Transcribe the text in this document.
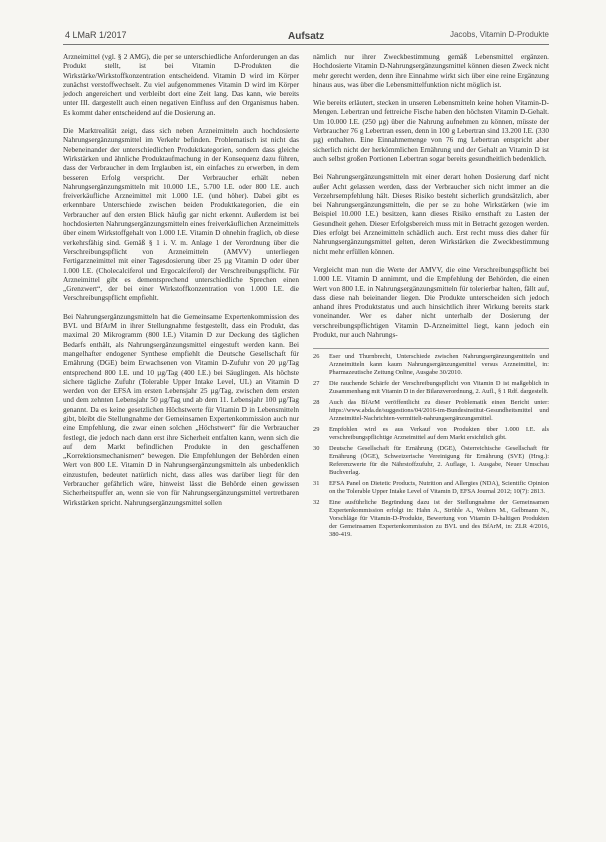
4 LMaR 1/2017	Aufsatz	Jacobs, Vitamin D-Produkte

Arzneimittel (vgl. § 2 AMG), die per se unterschiedliche Anforderungen an das Produkt stellt, ist bei Vitamin D-Produkten die Wirkstärke/Wirkstoffkonzentration entscheidend. Vitamin D wird im Körper zunächst verstoffwechselt. Zu viel aufgenommenes Vitamin D wird im Körper jedoch angereichert und verbleibt dort eine Zeit lang. Das kann, wie bereits unter III. dargestellt auch einen negativen Einfluss auf den Organismus haben. Es kommt daher entscheidend auf die Dosierung an.

Die Marktrealität zeigt, dass sich neben Arzneimitteln auch hochdosierte Nahrungsergänzungsmittel im Verkehr befinden. Problematisch ist nicht das Nebeneinander der unterschiedlichen Produktkategorien, sondern dass gleiche Wirkstärken und ähnliche Produktaufmachung in der Konsequenz dazu führen, dass der Verbraucher in dem Irrglauben ist, ein einfaches zu erwerben, in dem besseren Erfolg verspricht. Der Verbraucher erhält neben Nahrungsergänzungsmitteln mit 10.000 I.E., 5.700 I.E. oder 800 I.E. auch freiverkäufliche Arzneimittel mit 1.000 I.E. (und höher). Dabei gibt es erkennbare Unterschiede zwischen beiden Produktkategorien, die ein Verbraucher auf den ersten Blick häufig gar nicht erkennt. Außerdem ist bei hochdosierten Nahrungsergänzungsmitteln eines freiverkäuflichen Arzneimittels über einem Wirkstoffgehalt von 1.000 I.E. Vitamin D ohnehin fraglich, ob diese verkehrsfähig sind. Gemäß § 1 i. V. m. Anlage 1 der Verordnung über die Verschreibungspflicht von Arzneimitteln (AMVV) unterliegen Fertigarzneimittel mit einer Tagesdosierung über 25 µg Vitamin D oder über 1.000 I.E. (Cholecalciferol und Ergocalciferol) der Verschreibungspflicht. Für Arzneimittel gibt es dementsprechend unterschiedliche Sprechen einen „Grenzwert“, der bei einer Wirkstoffkonzentration von 1.000 I.E. die Verschreibungspflicht empfiehlt.

Bei Nahrungsergänzungsmitteln hat die Gemeinsame Expertenkommission des BVL und BfArM in ihrer Stellungnahme festgestellt, dass ein Produkt, das maximal 20 Mikrogramm (800 I.E.) Vitamin D zur Deckung des täglichen Bedarfs enthält, als Nahrungsergänzungsmittel eingestuft werden kann. Bei mangelhafter endogener Synthese empfiehlt die Deutsche Gesellschaft für Ernährung (DGE) beim Erwachsenen von Vitamin D-Zufuhr von 20 µg/Tag entsprechend 800 I.E. und 10 µg/Tag (400 I.E.) bei Säuglingen. Als höchste sichere tägliche Zufuhr (Tolerable Upper Intake Level, UL) an Vitamin D werden von der EFSA im ersten Lebensjahr 25 µg/Tag, zwischen dem ersten und dem zehnten Lebensjahr 50 µg/Tag und ab dem 11. Lebensjahr 100 µg/Tag genannt. Da es keine gesetzlichen Höchstwerte für Vitamin D in Lebensmitteln gibt, bleibt die Stellungnahme der Gemeinsamen Expertenkommission auch nur eine Empfehlung, die zwar einen solchen „Höchstwert“ für die Verbraucher festlegt, die jedoch nach dann erst ihre Sicherheit entfalten kann, wenn sich die auf dem Markt befindlichen Produkte in den geschaffenen „Korrektionsmechanismen“ bewegen. Die Empfehlungen der Behörden einen Wert von 800 I.E. Vitamin D in Nahrungsergänzungsmitteln als unbedenklich einzustufen, bedeutet natürlich nicht, dass alles was darüber liegt für den Verbraucher gefährlich wäre, hinweist lässt die Behörde einen gewissen Sicherheitspuffer an, wenn sie von für Nahrungsergänzungsmittel vertretbaren Wirkstärken spricht. Nahrungsergänzungsmittel sollen

nämlich nur ihrer Zweckbestimmung gemäß Lebensmittel ergänzen. Hochdosierte Vitamin D-Nahrungsergänzungsmittel können diesen Zweck nicht mehr gerecht werden, denn ihre Einnahme wirkt sich über eine reine Ergänzung hinaus aus, was über die Lebensmittelfunktion nicht möglich ist.

Wie bereits erläutert, stecken in unseren Lebensmitteln keine hohen Vitamin-D-Mengen. Lebertran und fettreiche Fische haben den höchsten Vitamin D-Gehalt. Um 10.000 I.E. (250 µg) über die Nahrung aufnehmen zu können, müsste der Verbraucher 76 g Lebertran essen, denn in 100 g Lebertran sind 13.200 I.E. (330 µg) enthalten. Eine Einnahmemenge von 76 mg Lebertran entspricht aber sicherlich nicht der herkömmlichen Ernährung und der Gehalt an Vitamin D ist auch selbst großen Portionen Lebertran sogar bereits gesundheitlich bedenklich.

Bei Nahrungsergänzungsmitteln mit einer derart hohen Dosierung darf nicht außer Acht gelassen werden, dass der Verbraucher sich nicht immer an die Verzehrsempfehlung hält. Dieses Risiko besteht sicherlich grundsätzlich, aber bei Nahrungsergänzungsmitteln, die per se zu hohe Wirkstärken (wie im Beispiel 10.000 I.E.) besitzen, kann dieses Risiko ernsthaft zu Lasten der Gesundheit gehen. Dieser Erfolgsbereich muss mit in Betracht gezogen werden. Dies erfolgt bei Arzneimitteln schädlich auch. Erst recht muss dies daher für Nahrungsergänzungsmittel gelten, deren Wirkstärken die Zweckbestimmung nicht mehr erfüllen können.

Vergleicht man nun die Werte der AMVV, die eine Verschreibungspflicht bei 1.000 I.E. Vitamin D annimmt, und die Empfehlung der Behörden, die einen Wert von 800 I.E. in Nahrungsergänzungsmitteln für tolerierbar halten, fällt auf, dass diese nah beieinander liegen. Die Produkte unterscheiden sich jedoch anhand ihres Produktstatus und auch hinsichtlich ihrer Wirkung bereits stark voneinander. Wer es daher nicht unterhalb der Dosierung der verschreibungspflichtigen Vitamin D-Arzneimittel liegt, kann jedoch ein Produkt, nur auch Nahrungs-

26	Eser und Thurnbrecht, Unterschiede zwischen Nahrungsergänzungsmitteln und Arzneimitteln kann kaum Nahrungsergänzungsmittel versus Arzneimittel, in: Pharmazeutische Zeitung Online, Ausgabe 30/2010.
27	Die rauchende Schärfe der Verschreibungspflicht von Vitamin D ist maßgeblich in Zusammenhang mit Vitamin D in der Bilanzverordnung, 2. Aufl., § 1 Rdf. dargestellt.
28	Auch das BfArM veröffentlicht zu dieser Problematik einen Bericht unter: https://www.abda.de/suggestions/04/2016-im-Bundesinstitut-Gesundheitsmittel und Arzneimittel-Nachrichten-vermittelt-nahrungsergänzungsmittel.
29	Empfohlen wird es aus Verkauf von Produkten über 1.000 I.E. als verschreibungspflichtige Arzneimittel auf dem Markt ersichtlich gibt.
30	Deutsche Gesellschaft für Ernährung (DGE), Österreichische Gesellschaft für Ernährung (ÖGE), Schweizerische Vereinigung für Ernährung (SVE) (Hrsg.): Referenzwerte für die Nährstoffzufuhr, 2. Auflage, 1. Ausgabe, Neuer Umschau Buchverlag.
31	EFSA Panel on Dietetic Products, Nutrition and Allergies (NDA), Scientific Opinion on the Tolerable Upper Intake Level of Vitamin D, EFSA Journal 2012; 10(7): 2813.
32	Eine ausführliche Begründung dazu ist der Stellungnahme der Gemeinsamen Expertenkommission erfolgt in: Hahn A., Ströhle A., Wolters M., Gelbmann N., Vorschläge für Vitamin-D-Produkte, Bewertung von Vitamin D-haltigen Produkten der Gemeinsamen Expertenkommission zu BVL und des BfArM, in: ZLR 4/2016, 380-419.
